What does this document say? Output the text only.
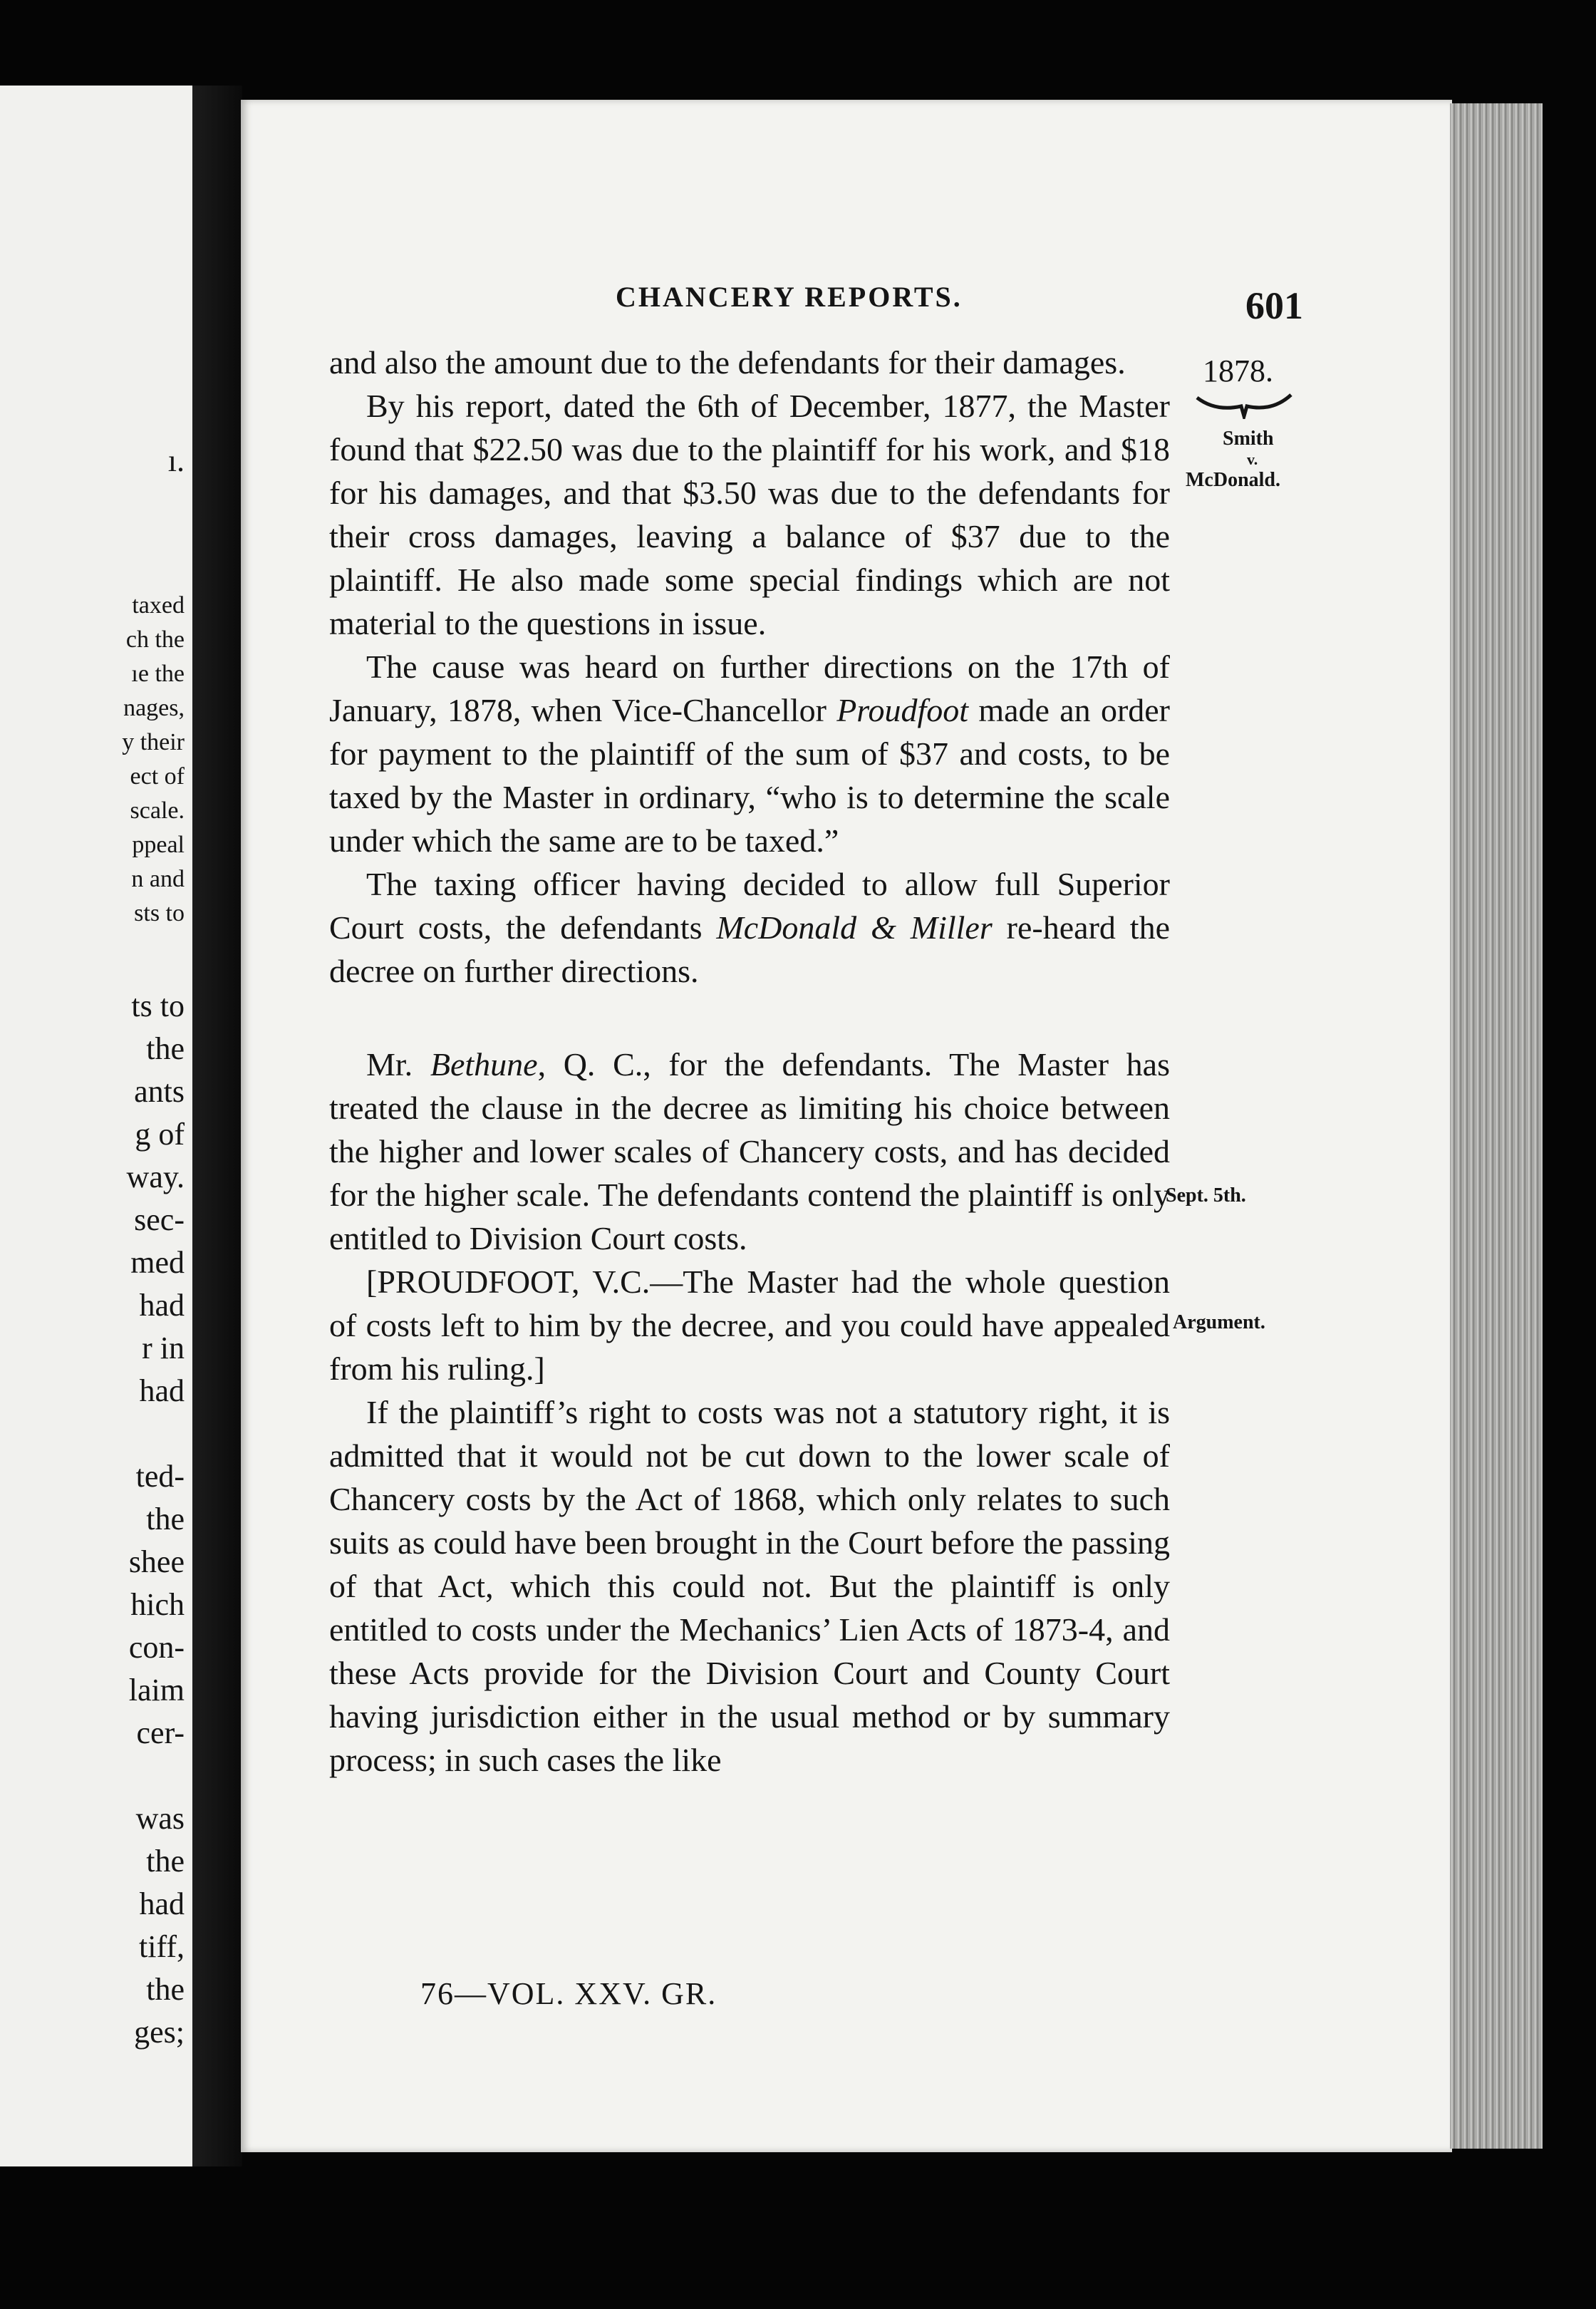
ı.

taxed

ch the

ıe the

nages,

y their

ect of

scale.

ppeal

n and

sts to

ts to

the

ants

g of

way.

sec-

med

had

r in

had

ted-

the

shee

hich

con-

laim

cer-

was

the

had

tiff,

the

ges;

CHANCERY REPORTS.	601
1878.
Smith
v.
McDonald.
Sept. 5th.
Argument.

and also the amount due to the defendants for their damages.

By his report, dated the 6th of December, 1877, the Master found that $22.50 was due to the plaintiff for his work, and $18 for his damages, and that $3.50 was due to the defendants for their cross damages, leaving a balance of $37 due to the plaintiff. He also made some special findings which are not material to the questions in issue.

The cause was heard on further directions on the 17th of January, 1878, when Vice-Chancellor Proudfoot made an order for payment to the plaintiff of the sum of $37 and costs, to be taxed by the Master in ordinary, “who is to determine the scale under which the same are to be taxed.”

The taxing officer having decided to allow full Superior Court costs, the defendants McDonald & Miller re-heard the decree on further directions.

Mr. Bethune, Q. C., for the defendants. The Master has treated the clause in the decree as limiting his choice between the higher and lower scales of Chancery costs, and has decided for the higher scale. The defendants contend the plaintiff is only entitled to Division Court costs.

[PROUDFOOT, V.C.—The Master had the whole question of costs left to him by the decree, and you could have appealed from his ruling.]

If the plaintiff’s right to costs was not a statutory right, it is admitted that it would not be cut down to the lower scale of Chancery costs by the Act of 1868, which only relates to such suits as could have been brought in the Court before the passing of that Act, which this could not. But the plaintiff is only entitled to costs under the Mechanics’ Lien Acts of 1873-4, and these Acts provide for the Division Court and County Court having jurisdiction either in the usual method or by summary process; in such cases the like

76—VOL. XXV. GR.
